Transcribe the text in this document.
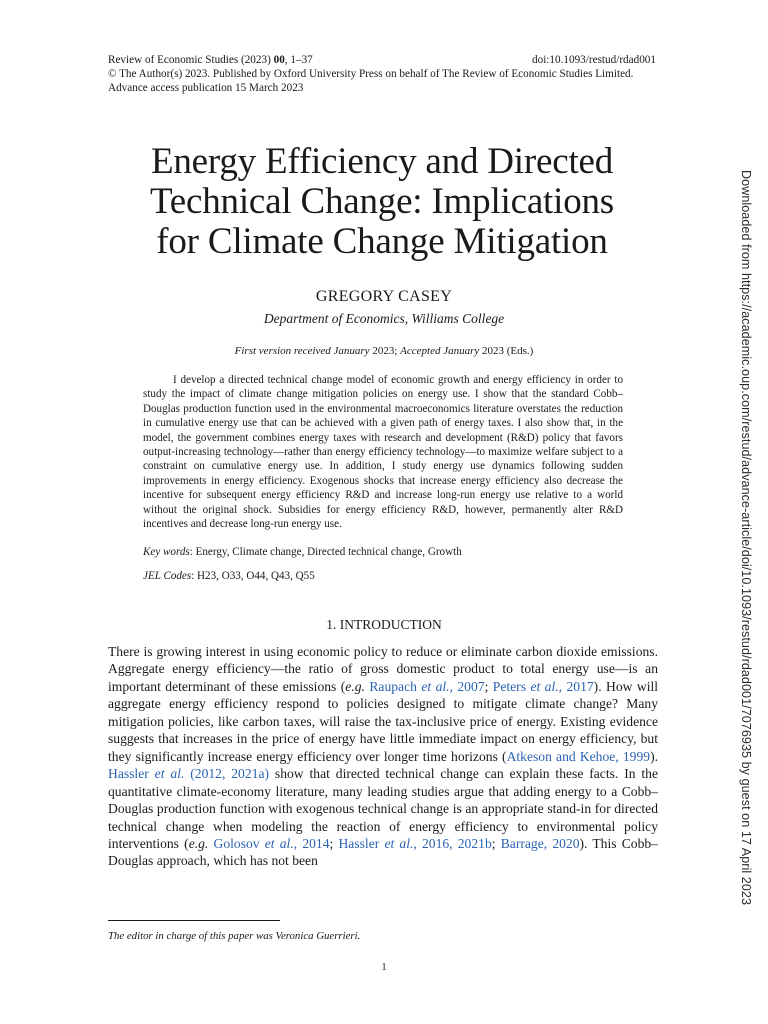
Review of Economic Studies (2023) 00, 1–37	doi:10.1093/restud/rdad001
© The Author(s) 2023. Published by Oxford University Press on behalf of The Review of Economic Studies Limited.
Advance access publication 15 March 2023
Energy Efficiency and Directed
Technical Change: Implications
for Climate Change Mitigation
GREGORY CASEY
Department of Economics, Williams College
First version received January 2023; Accepted January 2023 (Eds.)

I develop a directed technical change model of economic growth and energy efficiency in order to study the impact of climate change mitigation policies on energy use. I show that the standard Cobb–Douglas production function used in the environmental macroeconomics literature overstates the reduction in cumulative energy use that can be achieved with a given path of energy taxes. I also show that, in the model, the government combines energy taxes with research and development (R&D) policy that favors output-increasing technology—rather than energy efficiency technology—to maximize welfare subject to a constraint on cumulative energy use. In addition, I study energy use dynamics following sudden improvements in energy efficiency. Exogenous shocks that increase energy efficiency also decrease the incentive for subsequent energy efficiency R&D and increase long-run energy use relative to a world without the original shock. Subsidies for energy efficiency R&D, however, permanently alter R&D incentives and decrease long-run energy use.

Key words: Energy, Climate change, Directed technical change, Growth
JEL Codes: H23, O33, O44, Q43, Q55
1. INTRODUCTION

There is growing interest in using economic policy to reduce or eliminate carbon dioxide emissions. Aggregate energy efficiency—the ratio of gross domestic product to total energy use—is an important determinant of these emissions (e.g. Raupach et al., 2007; Peters et al., 2017). How will aggregate energy efficiency respond to policies designed to mitigate climate change? Many mitigation policies, like carbon taxes, will raise the tax-inclusive price of energy. Existing evidence suggests that increases in the price of energy have little immediate impact on energy efficiency, but they significantly increase energy efficiency over longer time horizons (Atkeson and Kehoe, 1999). Hassler et al. (2012, 2021a) show that directed technical change can explain these facts. In the quantitative climate-economy literature, many leading studies argue that adding energy to a Cobb–Douglas production function with exogenous technical change is an appropriate stand-in for directed technical change when modeling the reaction of energy efficiency to environmental policy interventions (e.g. Golosov et al., 2014; Hassler et al., 2016, 2021b; Barrage, 2020). This Cobb–Douglas approach, which has not been

The editor in charge of this paper was Veronica Guerrieri.
1
Downloaded from https://academic.oup.com/restud/advance-article/doi/10.1093/restud/rdad001/7076935 by guest on 17 April 2023
